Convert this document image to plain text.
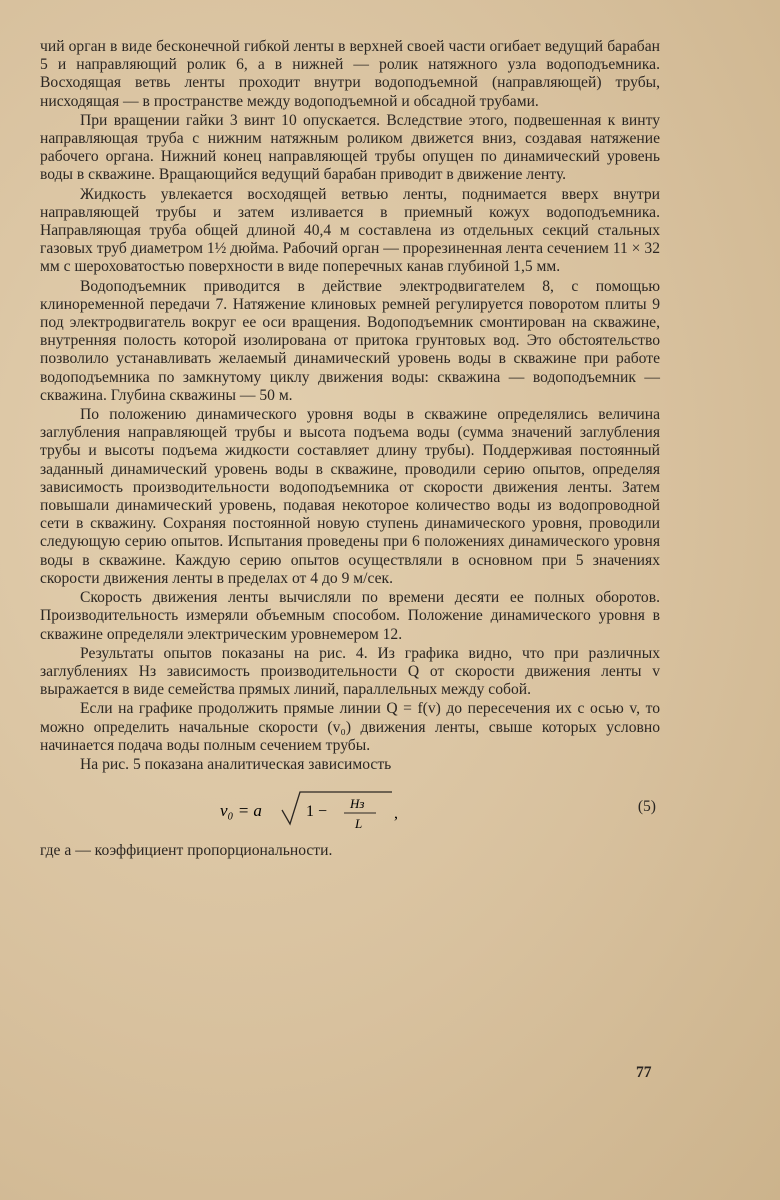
чий орган в виде бесконечной гибкой ленты в верхней своей части огибает ведущий барабан 5 и направляющий ролик 6, а в нижней — ролик натяжного узла водоподъемника. Восходящая ветвь ленты проходит внутри водоподъемной (направляющей) трубы, нисходящая — в пространстве между водоподъемной и обсадной трубами.

При вращении гайки 3 винт 10 опускается. Вследствие этого, подвешенная к винту направляющая труба с нижним натяжным роликом движется вниз, создавая натяжение рабочего органа. Нижний конец направляющей трубы опущен по динамический уровень воды в скважине. Вращающийся ведущий барабан приводит в движение ленту.

Жидкость увлекается восходящей ветвью ленты, поднимается вверх внутри направляющей трубы и затем изливается в приемный кожух водоподъемника. Направляющая труба общей длиной 40,4 м составлена из отдельных секций стальных газовых труб диаметром 1½ дюйма. Рабочий орган — прорезиненная лента сечением 11 × 32 мм с шероховатостью поверхности в виде поперечных канав глубиной 1,5 мм.

Водоподъемник приводится в действие электродвигателем 8, с помощью клиноременной передачи 7. Натяжение клиновых ремней регулируется поворотом плиты 9 под электродвигатель вокруг ее оси вращения. Водоподъемник смонтирован на скважине, внутренняя полость которой изолирована от притока грунтовых вод. Это обстоятельство позволило устанавливать желаемый динамический уровень воды в скважине при работе водоподъемника по замкнутому циклу движения воды: скважина — водоподъемник — скважина. Глубина скважины — 50 м.

По положению динамического уровня воды в скважине определялись величина заглубления направляющей трубы и высота подъема воды (сумма значений заглубления трубы и высоты подъема жидкости составляет длину трубы). Поддерживая постоянный заданный динамический уровень воды в скважине, проводили серию опытов, определяя зависимость производительности водоподъемника от скорости движения ленты. Затем повышали динамический уровень, подавая некоторое количество воды из водопроводной сети в скважину. Сохраняя постоянной новую ступень динамического уровня, проводили следующую серию опытов. Испытания проведены при 6 положениях динамического уровня воды в скважине. Каждую серию опытов осуществляли в основном при 5 значениях скорости движения ленты в пределах от 4 до 9 м/сек.

Скорость движения ленты вычисляли по времени десяти ее полных оборотов. Производительность измеряли объемным способом. Положение динамического уровня в скважине определяли электрическим уровнемером 12.

Результаты опытов показаны на рис. 4. Из графика видно, что при различных заглублениях Hз зависимость производительности Q от скорости движения ленты v выражается в виде семейства прямых линий, параллельных между собой.

Если на графике продолжить прямые линии Q = f(v) до пересечения их с осью v, то можно определить начальные скорости (v₀) движения ленты, свыше которых условно начинается подача воды полным сечением трубы.

На рис. 5 показана аналитическая зависимость

v₀ = a	1 − Hз
L
,	(5)

где a — коэффициент пропорциональности.

77
